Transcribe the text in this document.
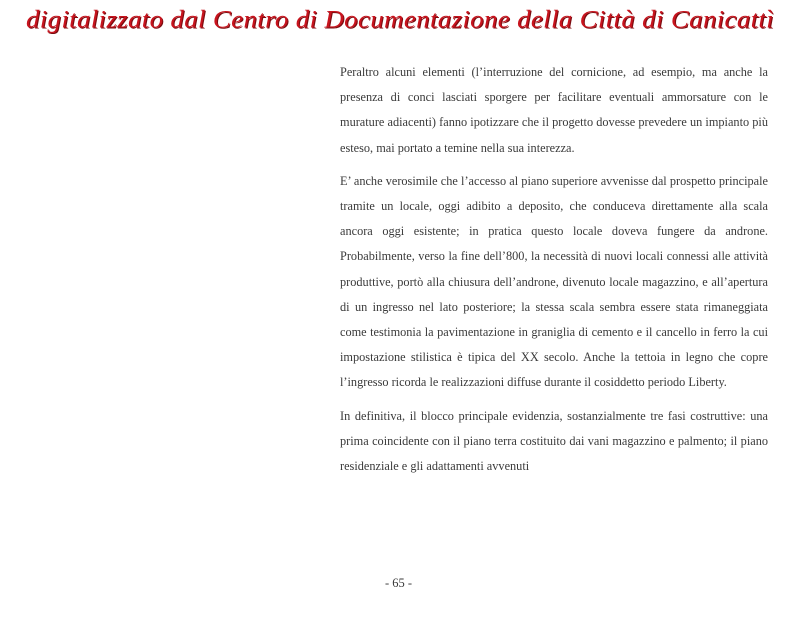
digitalizzato dal Centro di Documentazione della Città di Canicattì

Peraltro alcuni elementi (l’interruzione del cornicione, ad esempio, ma anche la presenza di conci lasciati sporgere per facilitare eventuali ammorsature con le murature adiacenti) fanno ipotizzare che il progetto dovesse prevedere un impianto più esteso, mai portato a temine nella sua interezza.

E’ anche verosimile che l’accesso al piano superiore avvenisse dal prospetto principale tramite un locale, oggi adibito a deposito, che conduceva direttamente alla scala ancora oggi esistente; in pratica questo locale doveva fungere da androne. Probabilmente, verso la fine dell’800, la necessità di nuovi locali connessi alle attività produttive, portò alla chiusura dell’androne, divenuto locale magazzino, e all’apertura di un ingresso nel lato posteriore; la stessa scala sembra essere stata rimaneggiata come testimonia la pavimentazione in graniglia di cemento e il cancello in ferro la cui impostazione stilistica è tipica del XX secolo. Anche la tettoia in legno che copre l’ingresso ricorda le realizzazioni diffuse durante il cosiddetto periodo Liberty.

In definitiva, il blocco principale evidenzia, sostanzialmente tre fasi costruttive: una prima coincidente con il piano terra costituito dai vani magazzino e palmento; il piano residenziale e gli adattamenti avvenuti

- 65 -
